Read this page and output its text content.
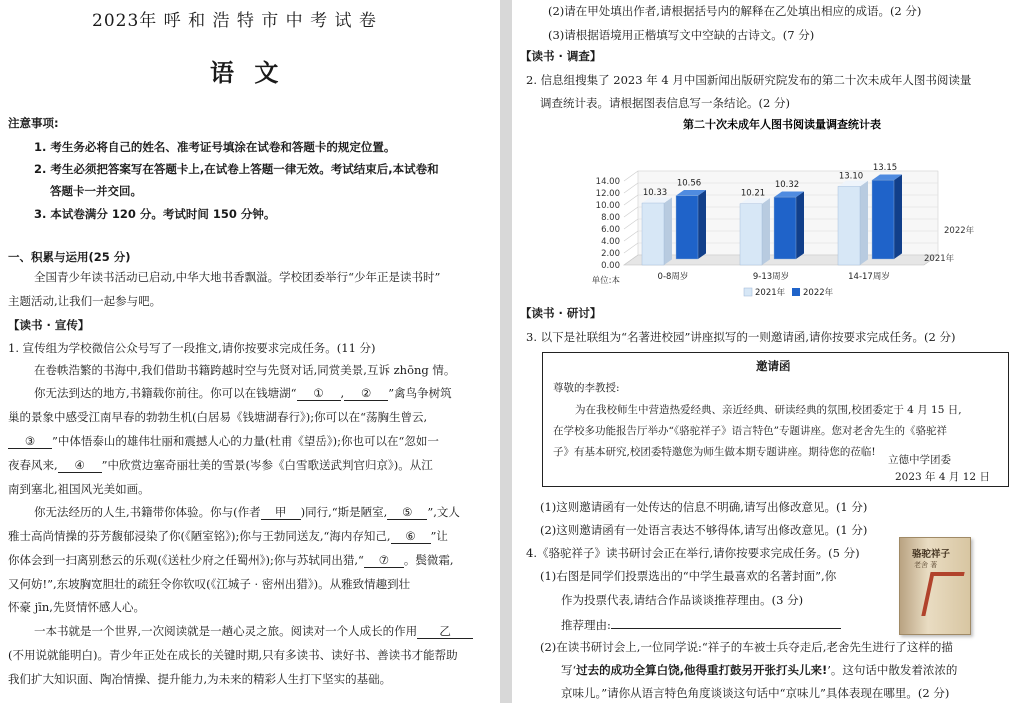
2023年 呼 和 浩 特 市 中 考 试 卷
语 文
注意事项:
1. 考生务必将自己的姓名、准考证号填涂在试卷和答题卡的规定位置。
2. 考生必须把答案写在答题卡上,在试卷上答题一律无效。考试结束后,本试卷和
答题卡一并交回。
3. 本试卷满分 120 分。考试时间 150 分钟。
一、积累与运用(25 分)
全国青少年读书活动已启动,中华大地书香飘溢。学校团委举行“少年正是读书时”
主题活动,让我们一起参与吧。
【读书 · 宣传】
1. 宣传组为学校微信公众号写了一段推文,请你按要求完成任务。(11 分)
在卷帙浩繁的书海中,我们借助书籍跨越时空与先贤对话,同赏美景,互诉 zhōng 情。
你无法到达的地方,书籍载你前往。你可以在钱塘湖“ ① , ② ”禽鸟争树筑
巢的景象中感受江南早春的勃勃生机(白居易《钱塘湖春行》);你可以在“荡胸生曾云,
③ ”中体悟泰山的雄伟壮丽和震撼人心的力量(杜甫《望岳》);你也可以在“忽如一
夜春风来, ④ ”中欣赏边塞奇丽壮美的雪景(岑参《白雪歌送武判官归京》)。从江
南到塞北,祖国风光美如画。
你无法经历的人生,书籍带你体验。你与(作者 甲 )同行,“斯是陋室, ⑤ ”,文人
雅士高尚情操的芬芳馥郁浸染了你(《陋室铭》);你与王勃同送友,“海内存知己, ⑥ ”让
你体会到一扫离别愁云的乐观(《送杜少府之任蜀州》);你与苏轼同出猎,“ ⑦ 。鬓微霜,
又何妨!”,东坡胸宽胆壮的疏狂令你钦叹(《江城子 · 密州出猎》)。从雅致情趣到壮
怀豪 jīn,先贤情怀感人心。
一本书就是一个世界,一次阅读就是一趟心灵之旅。阅读对一个人成长的作用 乙
(不用说就能明白)。青少年正处在成长的关键时期,只有多读书、读好书、善读书才能帮助
我们扩大知识面、陶冶情操、提升能力,为未来的精彩人生打下坚实的基础。
(2)请在甲处填出作者,请根据括号内的解释在乙处填出相应的成语。(2 分)
(3)请根据语境用正楷填写文中空缺的古诗文。(7 分)
【读书 · 调查】
2. 信息组搜集了 2023 年 4 月中国新闻出版研究院发布的第二十次未成年人图书阅读量
调查统计表。请根据图表信息写一条结论。(2 分)
【读书 · 研讨】
3. 以下是社联组为“名著进校园”讲座拟写的一则邀请函,请你按要求完成任务。(2 分)
第二十次未成年人图书阅读量调查统计表
0.00
2.00
4.00
6.00
8.00
10.00
12.00
14.00
单位:本
10.33
10.56
0-8周岁
10.21
10.32
9-13周岁
13.10
13.15
14-17周岁
2022年
2021年
2021年 2022年
邀请函
尊敬的李教授:
为在我校师生中营造热爱经典、亲近经典、研读经典的氛围,校团委定于 4 月 15 日,
在学校多功能报告厅举办“《骆驼祥子》语言特色”专题讲座。您对老舍先生的《骆驼祥
子》有基本研究,校团委特邀您为师生做本期专题讲座。期待您的莅临!
立德中学团委
2023 年 4 月 12 日
(1)这则邀请函有一处传达的信息不明确,请写出修改意见。(1 分)
(2)这则邀请函有一处语言表达不够得体,请写出修改意见。(1 分)
4.《骆驼祥子》读书研讨会正在举行,请你按要求完成任务。(5 分)
(1)右图是同学们投票选出的“中学生最喜欢的名著封面”,你
作为投票代表,请结合作品谈谈推荐理由。(3 分)
推荐理由:
骆驼祥子
老舍 著
(2)在读书研讨会上,一位同学说:“祥子的车被士兵夺走后,老舍先生进行了这样的描
写‘过去的成功全算白饶,他得重打鼓另开张打头儿来!’。这句话中散发着浓浓的
京味儿。”请你从语言特色角度谈谈这句话中“京味儿”具体表现在哪里。(2 分)
